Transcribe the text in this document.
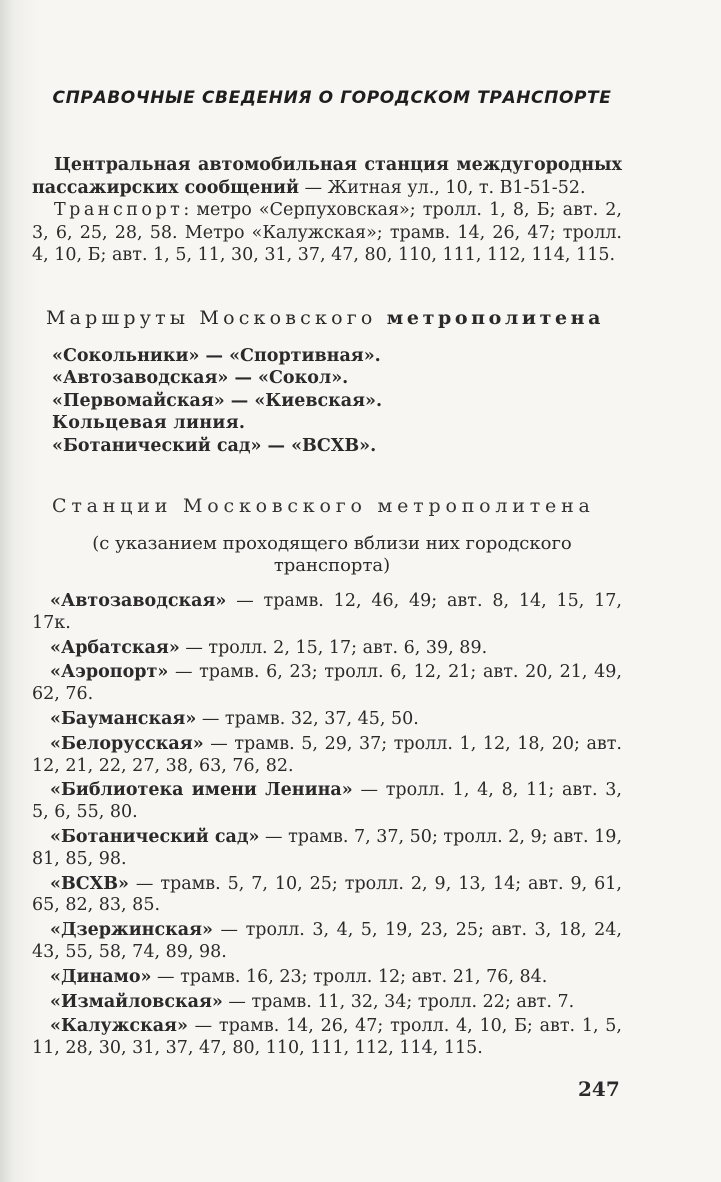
СПРАВОЧНЫЕ СВЕДЕНИЯ О ГОРОДСКОМ ТРАНСПОРТЕ
Центральная автомобильная станция междугородных пассажирских сообщений — Житная ул., 10, т. В1-51-52.
Транспорт: метро «Серпуховская»; тролл. 1, 8, Б; авт. 2, 3, 6, 25, 28, 58. Метро «Калужская»; трамв. 14, 26, 47; тролл. 4, 10, Б; авт. 1, 5, 11, 30, 31, 37, 47, 80, 110, 111, 112, 114, 115.
Маршруты Московского метрополитена
«Сокольники» — «Спортивная».
«Автозаводская» — «Сокол».
«Первомайская» — «Киевская».
Кольцевая линия.
«Ботанический сад» — «ВСХВ».
Станции Московского метрополитена
(с указанием проходящего вблизи них городского транспорта)
«Автозаводская» — трамв. 12, 46, 49; авт. 8, 14, 15, 17, 17к.
«Арбатская» — тролл. 2, 15, 17; авт. 6, 39, 89.
«Аэропорт» — трамв. 6, 23; тролл. 6, 12, 21; авт. 20, 21, 49, 62, 76.
«Бауманская» — трамв. 32, 37, 45, 50.
«Белорусская» — трамв. 5, 29, 37; тролл. 1, 12, 18, 20; авт. 12, 21, 22, 27, 38, 63, 76, 82.
«Библиотека имени Ленина» — тролл. 1, 4, 8, 11; авт. 3, 5, 6, 55, 80.
«Ботанический сад» — трамв. 7, 37, 50; тролл. 2, 9; авт. 19, 81, 85, 98.
«ВСХВ» — трамв. 5, 7, 10, 25; тролл. 2, 9, 13, 14; авт. 9, 61, 65, 82, 83, 85.
«Дзержинская» — тролл. 3, 4, 5, 19, 23, 25; авт. 3, 18, 24, 43, 55, 58, 74, 89, 98.
«Динамо» — трамв. 16, 23; тролл. 12; авт. 21, 76, 84.
«Измайловская» — трамв. 11, 32, 34; тролл. 22; авт. 7.
«Калужская» — трамв. 14, 26, 47; тролл. 4, 10, Б; авт. 1, 5, 11, 28, 30, 31, 37, 47, 80, 110, 111, 112, 114, 115.
247
